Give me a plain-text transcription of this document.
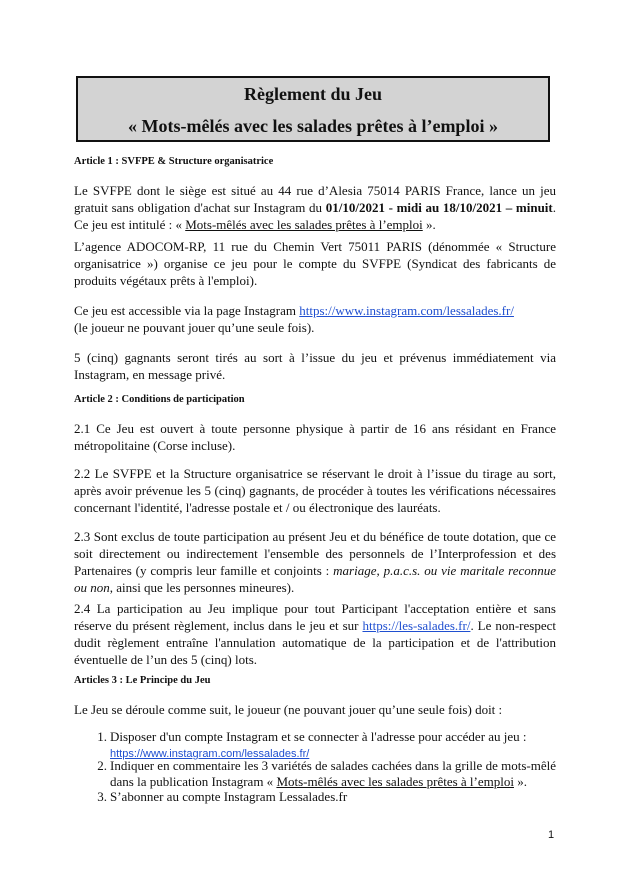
Règlement du Jeu
« Mots-mêlés avec les salades prêtes à l’emploi »
Article 1 : SVFPE & Structure organisatrice
Le SVFPE dont le siège est situé au 44 rue d’Alesia 75014 PARIS France, lance un jeu gratuit sans obligation d'achat sur Instagram du 01/10/2021 - midi au 18/10/2021 – minuit. Ce jeu est intitulé : « Mots-mêlés avec les salades prêtes à l’emploi ».
L’agence ADOCOM-RP, 11 rue du Chemin Vert 75011 PARIS (dénommée « Structure organisatrice ») organise ce jeu pour le compte du SVFPE (Syndicat des fabricants de produits végétaux prêts à l'emploi).
Ce jeu est accessible via la page Instagram https://www.instagram.com/lessalades.fr/
(le joueur ne pouvant jouer qu’une seule fois).
5 (cinq) gagnants seront tirés au sort à l’issue du jeu et prévenus immédiatement via Instagram, en message privé.
Article 2 : Conditions de participation
2.1 Ce Jeu est ouvert à toute personne physique à partir de 16 ans résidant en France métropolitaine (Corse incluse).
2.2 Le SVFPE et la Structure organisatrice se réservant le droit à l’issue du tirage au sort, après avoir prévenue les 5 (cinq) gagnants, de procéder à toutes les vérifications nécessaires concernant l'identité, l'adresse postale et / ou électronique des lauréats.
2.3 Sont exclus de toute participation au présent Jeu et du bénéfice de toute dotation, que ce soit directement ou indirectement l'ensemble des personnels de l’Interprofession et des Partenaires (y compris leur famille et conjoints : mariage, p.a.c.s. ou vie maritale reconnue ou non, ainsi que les personnes mineures).
2.4 La participation au Jeu implique pour tout Participant l'acceptation entière et sans réserve du présent règlement, inclus dans le jeu et sur https://les-salades.fr/. Le non-respect dudit règlement entraîne l'annulation automatique de la participation et de l'attribution éventuelle de l’un des 5 (cinq) lots.
Articles 3 : Le Principe du Jeu
Le Jeu se déroule comme suit, le joueur (ne pouvant jouer qu’une seule fois) doit :
1. Disposer d'un compte Instagram et se connecter à l'adresse pour accéder au jeu :
https://www.instagram.com/lessalades.fr/
2. Indiquer en commentaire les 3 variétés de salades cachées dans la grille de mots-mêlé dans la publication Instagram « Mots-mêlés avec les salades prêtes à l’emploi ».
3. S’abonner au compte Instagram Lessalades.fr
1
